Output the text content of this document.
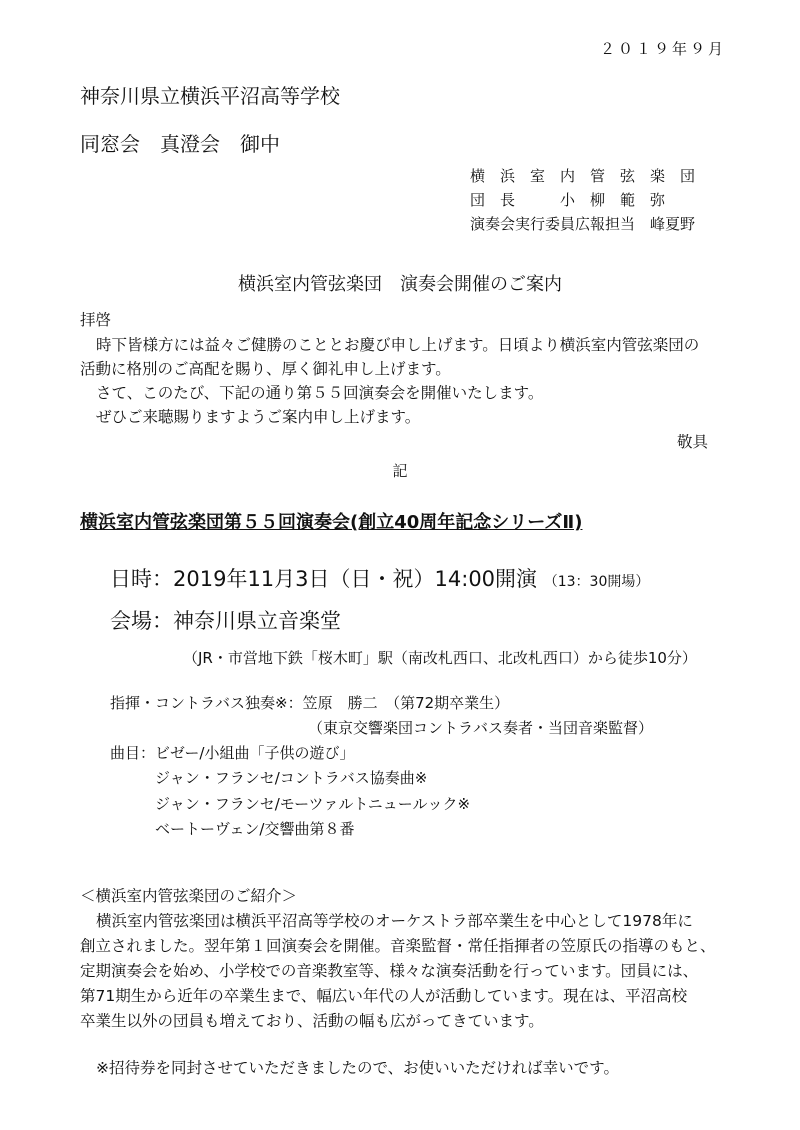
２０１９年９月
神奈川県立横浜平沼高等学校
同窓会　真澄会　御中
横　浜　室　内　管　弦　楽　団
団　長　　　小　柳　範　弥
演奏会実行委員広報担当　峰夏野
横浜室内管弦楽団　演奏会開催のご案内
拝啓
時下皆様方には益々ご健勝のこととお慶び申し上げます。日頃より横浜室内管弦楽団の
活動に格別のご高配を賜り、厚く御礼申し上げます。
さて、このたび、下記の通り第５５回演奏会を開催いたします。
ぜひご来聴賜りますようご案内申し上げます。
敬具
記
横浜室内管弦楽団第５５回演奏会(創立40周年記念シリーズⅡ)
日時：2019年11月3日（日・祝）14:00開演 （13：30開場）
会場：神奈川県立音楽堂
（JR・市営地下鉄「桜木町」駅（南改札西口、北改札西口）から徒歩10分）
指揮・コントラバス独奏※：笠原　勝二　（第72期卒業生）
（東京交響楽団コントラバス奏者・当団音楽監督）
曲目： ビゼー/小組曲「子供の遊び」
ジャン・フランセ/コントラバス協奏曲※
ジャン・フランセ/モーツァルトニュールック※
ベートーヴェン/交響曲第８番
＜横浜室内管弦楽団のご紹介＞
横浜室内管弦楽団は横浜平沼高等学校のオーケストラ部卒業生を中心として1978年に
創立されました。翌年第１回演奏会を開催。音楽監督・常任指揮者の笠原氏の指導のもと、
定期演奏会を始め、小学校での音楽教室等、様々な演奏活動を行っています。団員には、
第71期生から近年の卒業生まで、幅広い年代の人が活動しています。現在は、平沼高校
卒業生以外の団員も増えており、活動の幅も広がってきています。
※招待券を同封させていただきましたので、お使いいただければ幸いです。
